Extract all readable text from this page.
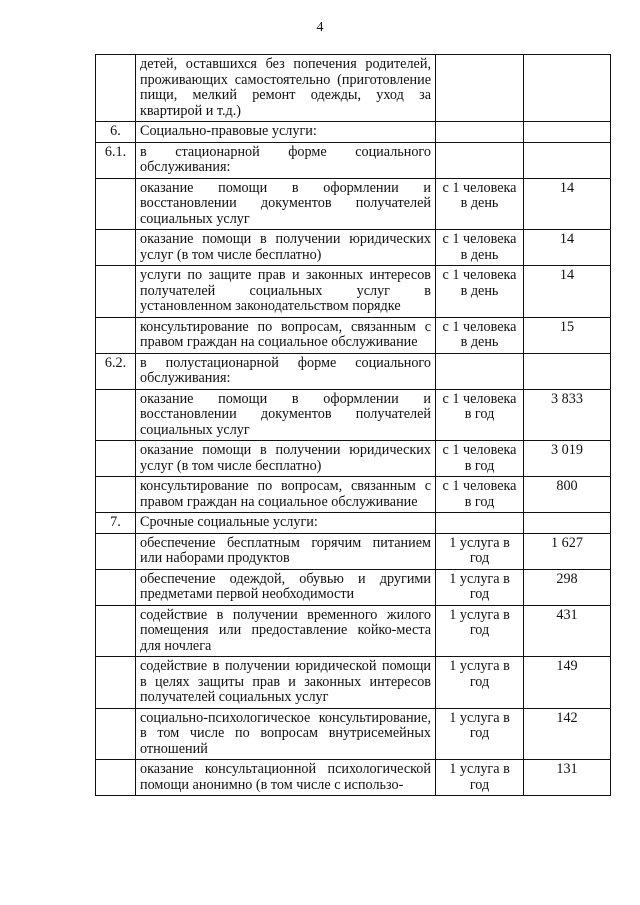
4
	детей, оставшихся без попечения родителей, проживающих самостоятельно (приготовление пищи, мелкий ремонт одежды, уход за квартирой и т.д.)		
6.	Социально-правовые услуги:		
6.1.	в стационарной форме социального обслуживания:		
	оказание помощи в оформлении и восстановлении документов получателей социальных услуг	с 1 человека в день	14
	оказание помощи в получении юридических услуг (в том числе бесплатно)	с 1 человека в день	14
	услуги по защите прав и законных интересов получателей социальных услуг в установленном законодательством порядке	с 1 человека в день	14
	консультирование по вопросам, связанным с правом граждан на социальное обслуживание	с 1 человека в день	15
6.2.	в полустационарной форме социального обслуживания:		
	оказание помощи в оформлении и восстановлении документов получателей социальных услуг	с 1 человека в год	3 833
	оказание помощи в получении юридических услуг (в том числе бесплатно)	с 1 человека в год	3 019
	консультирование по вопросам, связанным с правом граждан на социальное обслуживание	с 1 человека в год	800
7.	Срочные социальные услуги:		
	обеспечение бесплатным горячим питанием или наборами продуктов	1 услуга в год	1 627
	обеспечение одеждой, обувью и другими предметами первой необходимости	1 услуга в год	298
	содействие в получении временного жилого помещения или предоставление койко-места для ночлега	1 услуга в год	431
	содействие в получении юридической помощи в целях защиты прав и законных интересов получателей социальных услуг	1 услуга в год	149
	социально-психологическое консультирование, в том числе по вопросам внутрисемейных отношений	1 услуга в год	142
	оказание консультационной психологической помощи анонимно (в том числе с использо-	1 услуга в год	131
